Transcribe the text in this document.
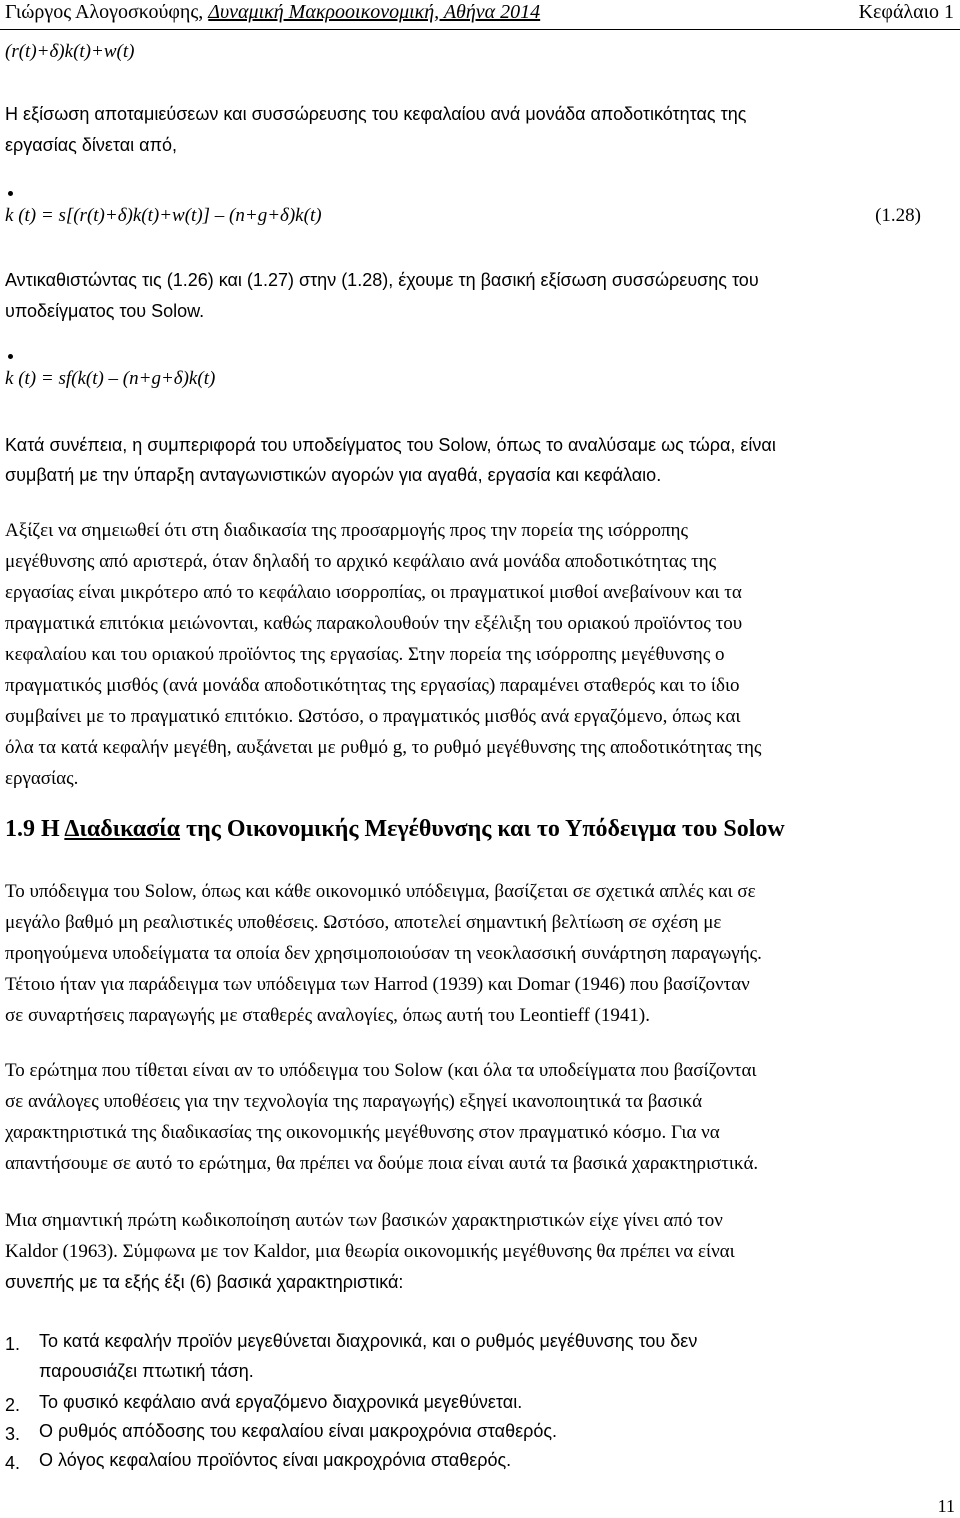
Γιώργος Αλογοσκούφης, Δυναμική Μακροοικονομική, Αθήνα 2014	Κεφάλαιο 1
(r(t)+δ)k(t)+w(t)
Η εξίσωση αποταμιεύσεων και συσσώρευσης του κεφαλαίου ανά μονάδα αποδοτικότητας της
εργασίας δίνεται από,
k (t) = s[(r(t)+δ)k(t)+w(t)] – (n+g+δ)k(t)	(1.28)
Αντικαθιστώντας τις (1.26) και (1.27) στην (1.28), έχουμε τη βασική εξίσωση συσσώρευσης του
υποδείγματος του Solow.
k (t) = sf(k(t) – (n+g+δ)k(t)
Κατά συνέπεια, η συμπεριφορά του υποδείγματος του Solow, όπως το αναλύσαμε ως τώρα, είναι
συμβατή με την ύπαρξη ανταγωνιστικών αγορών για αγαθά, εργασία και κεφάλαιο.
Αξίζει να σημειωθεί ότι στη διαδικασία της προσαρμογής προς την πορεία της ισόρροπης
μεγέθυνσης από αριστερά, όταν δηλαδή το αρχικό κεφάλαιο ανά μονάδα αποδοτικότητας της
εργασίας είναι μικρότερο από το κεφάλαιο ισορροπίας, οι πραγματικοί μισθοί ανεβαίνουν και τα
πραγματικά επιτόκια μειώνονται, καθώς παρακολουθούν την εξέλιξη του οριακού προϊόντος του
κεφαλαίου και του οριακού προϊόντος της εργασίας. Στην πορεία της ισόρροπης μεγέθυνσης ο
πραγματικός μισθός (ανά μονάδα αποδοτικότητας της εργασίας) παραμένει σταθερός και το ίδιο
συμβαίνει με το πραγματικό επιτόκιο. Ωστόσο, ο πραγματικός μισθός ανά εργαζόμενο, όπως και
όλα τα κατά κεφαλήν μεγέθη, αυξάνεται με ρυθμό g, το ρυθμό μεγέθυνσης της αποδοτικότητας της
εργασίας.
1.9 Η Διαδικασία της Οικονομικής Μεγέθυνσης και το Υπόδειγμα του Solow
Το υπόδειγμα του Solow, όπως και κάθε οικονομικό υπόδειγμα, βασίζεται σε σχετικά απλές και σε
μεγάλο βαθμό μη ρεαλιστικές υποθέσεις. Ωστόσο, αποτελεί σημαντική βελτίωση σε σχέση με
προηγούμενα υποδείγματα τα οποία δεν χρησιμοποιούσαν τη νεοκλασσική συνάρτηση παραγωγής.
Τέτοιο ήταν για παράδειγμα των υπόδειγμα των Harrod (1939) και Domar (1946) που βασίζονταν
σε συναρτήσεις παραγωγής με σταθερές αναλογίες, όπως αυτή του Leontieff (1941).
Το ερώτημα που τίθεται είναι αν το υπόδειγμα του Solow (και όλα τα υποδείγματα που βασίζονται
σε ανάλογες υποθέσεις για την τεχνολογία της παραγωγής) εξηγεί ικανοποιητικά τα βασικά
χαρακτηριστικά της διαδικασίας της οικονομικής μεγέθυνσης στον πραγματικό κόσμο. Για να
απαντήσουμε σε αυτό το ερώτημα, θα πρέπει να δούμε ποια είναι αυτά τα βασικά χαρακτηριστικά.
Μια σημαντική πρώτη κωδικοποίηση αυτών των βασικών χαρακτηριστικών είχε γίνει από τον
Kaldor (1963). Σύμφωνα με τον Kaldor, μια θεωρία οικονομικής μεγέθυνσης θα πρέπει να είναι
συνεπής με τα εξής έξι (6) βασικά χαρακτηριστικά:
1. Το κατά κεφαλήν προϊόν μεγεθύνεται διαχρονικά, και ο ρυθμός μεγέθυνσης του δεν
παρουσιάζει πτωτική τάση.
2. Το φυσικό κεφάλαιο ανά εργαζόμενο διαχρονικά μεγεθύνεται.
3. Ο ρυθμός απόδοσης του κεφαλαίου είναι μακροχρόνια σταθερός.
4. Ο λόγος κεφαλαίου προϊόντος είναι μακροχρόνια σταθερός.
11
